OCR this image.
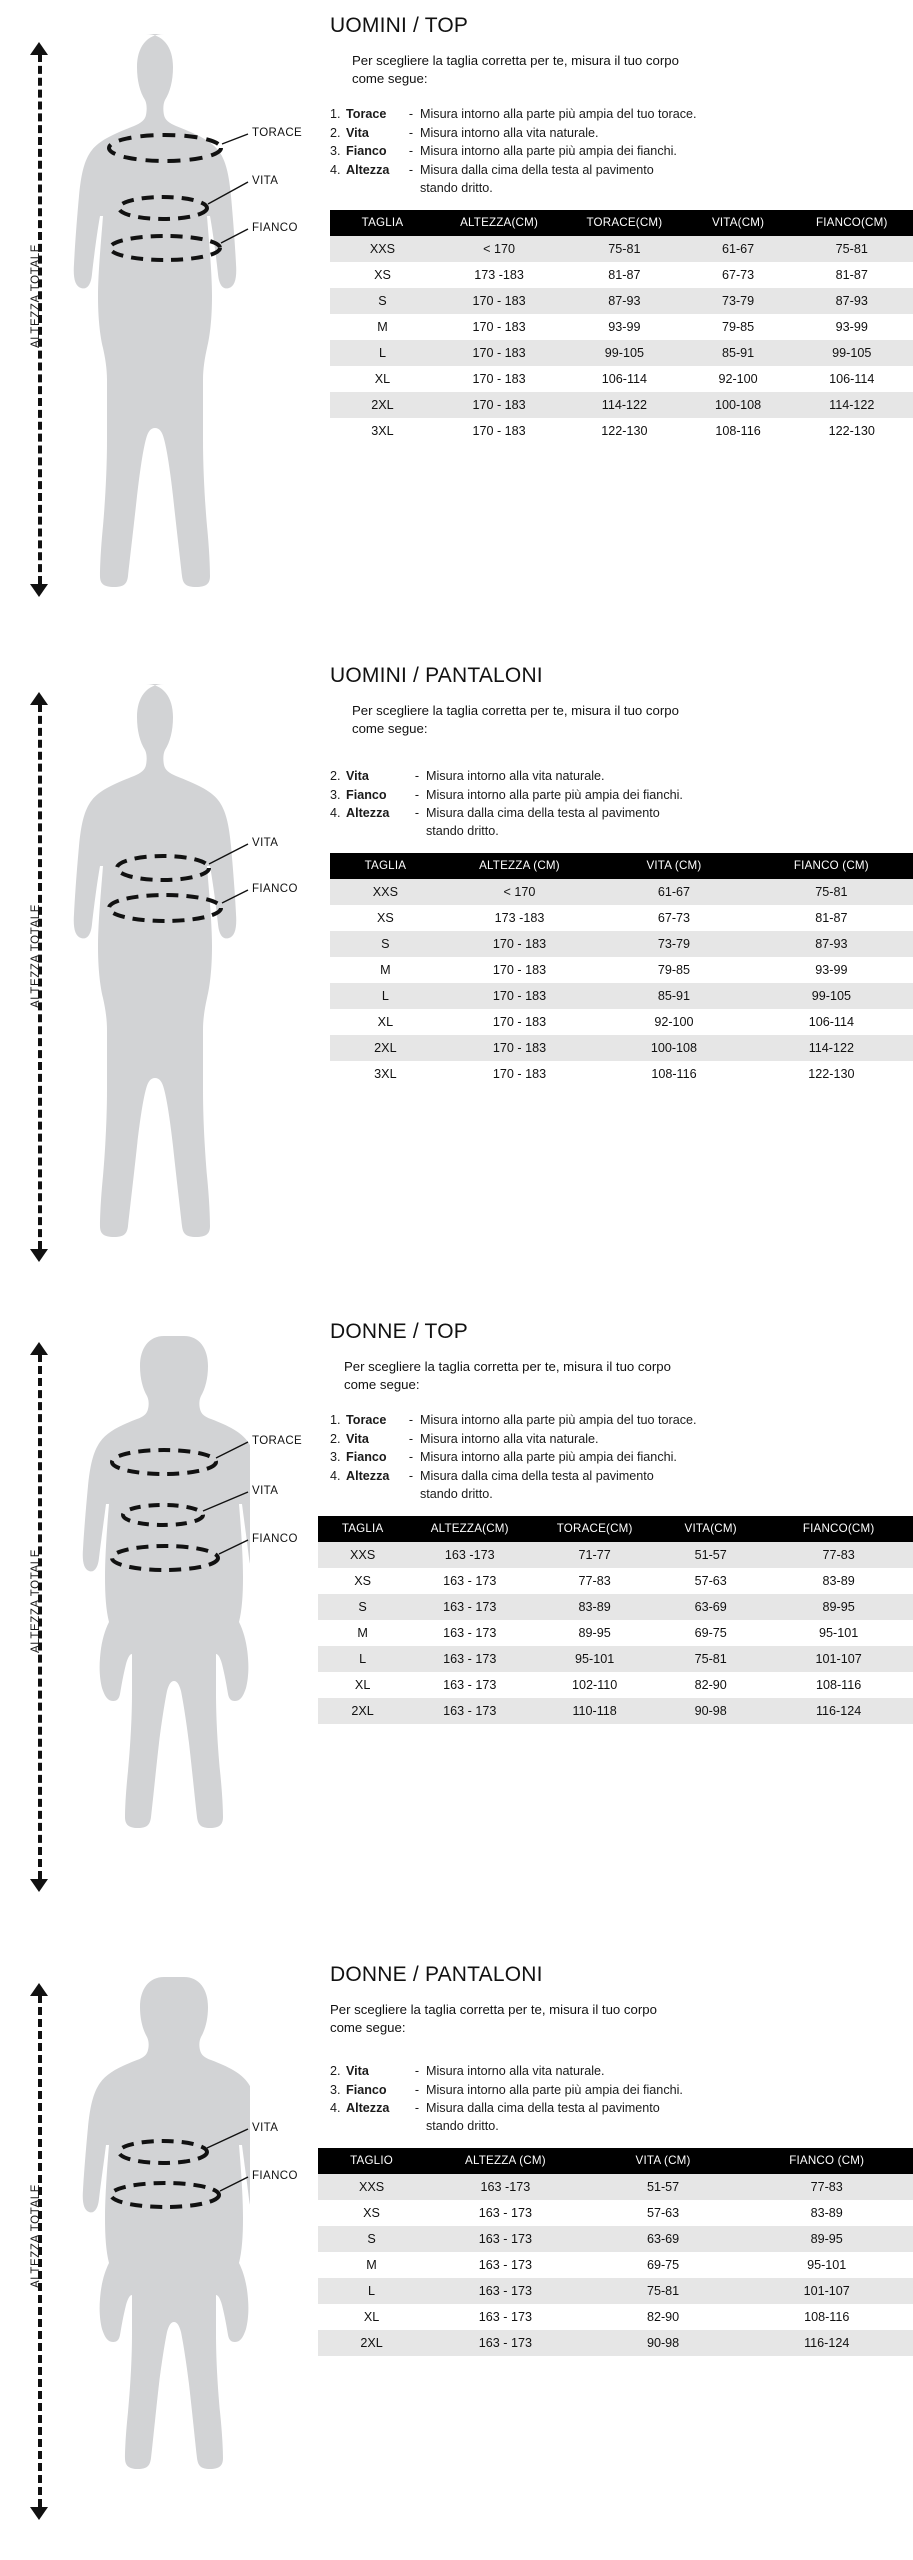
ALTEZZA TOTALE
TORACE
VITA
FIANCO
UOMINI / TOP

Per scegliere la taglia corretta per te, misura il tuo corpo
come segue:

1. Torace	- Misura intorno alla parte più ampia del tuo torace.
2. Vita	- Misura intorno alla vita naturale.
3. Fianco	- Misura intorno alla parte più ampia dei fianchi.
4. Altezza	- Misura dalla cima della testa al pavimento
stando dritto.
TAGLIA	ALTEZZA(CM)	TORACE(CM)	VITA(CM)	FIANCO(CM)
XXS	< 170	75-81	61-67	75-81
XS	173 -183	81-87	67-73	81-87
S	170 - 183	87-93	73-79	87-93
M	170 - 183	93-99	79-85	93-99
L	170 - 183	99-105	85-91	99-105
XL	170 - 183	106-114	92-100	106-114
2XL	170 - 183	114-122	100-108	114-122
3XL	170 - 183	122-130	108-116	122-130
ALTEZZA TOTALE
VITA
FIANCO
UOMINI / PANTALONI

Per scegliere la taglia corretta per te, misura il tuo corpo
come segue:

2. Vita	- Misura intorno alla vita naturale.
3. Fianco	- Misura intorno alla parte più ampia dei fianchi.
4. Altezza	- Misura dalla cima della testa al pavimento
stando dritto.
TAGLIA	ALTEZZA (CM)	VITA (CM)	FIANCO (CM)
XXS	< 170	61-67	75-81
XS	173 -183	67-73	81-87
S	170 - 183	73-79	87-93
M	170 - 183	79-85	93-99
L	170 - 183	85-91	99-105
XL	170 - 183	92-100	106-114
2XL	170 - 183	100-108	114-122
3XL	170 - 183	108-116	122-130
ALTEZZA TOTALE
TORACE
VITA
FIANCO
DONNE / TOP

Per scegliere la taglia corretta per te, misura il tuo corpo
come segue:

1. Torace	- Misura intorno alla parte più ampia del tuo torace.
2. Vita	- Misura intorno alla vita naturale.
3. Fianco	- Misura intorno alla parte più ampia dei fianchi.
4. Altezza	- Misura dalla cima della testa al pavimento
stando dritto.
TAGLIA	ALTEZZA(CM)	TORACE(CM)	VITA(CM)	FIANCO(CM)
XXS	163 -173	71-77	51-57	77-83
XS	163 - 173	77-83	57-63	83-89
S	163 - 173	83-89	63-69	89-95
M	163 - 173	89-95	69-75	95-101
L	163 - 173	95-101	75-81	101-107
XL	163 - 173	102-110	82-90	108-116
2XL	163 - 173	110-118	90-98	116-124
ALTEZZA TOTALE
VITA
FIANCO
DONNE / PANTALONI

Per scegliere la taglia corretta per te, misura il tuo corpo
come segue:

2. Vita	- Misura intorno alla vita naturale.
3. Fianco	- Misura intorno alla parte più ampia dei fianchi.
4. Altezza	- Misura dalla cima della testa al pavimento
stando dritto.
TAGLIO	ALTEZZA (CM)	VITA (CM)	FIANCO (CM)
XXS	163 -173	51-57	77-83
XS	163 - 173	57-63	83-89
S	163 - 173	63-69	89-95
M	163 - 173	69-75	95-101
L	163 - 173	75-81	101-107
XL	163 - 173	82-90	108-116
2XL	163 - 173	90-98	116-124
